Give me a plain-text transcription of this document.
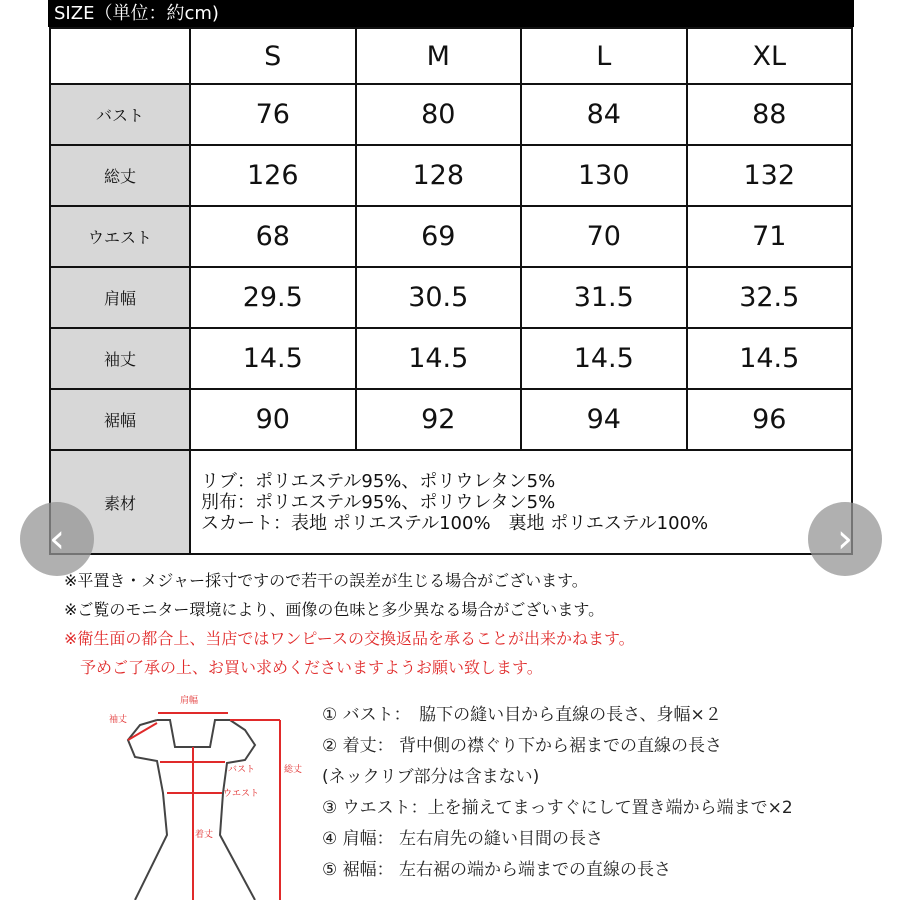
SIZE（単位：約cm)
	S	M	L	XL
バスト	76	80	84	88
総丈	126	128	130	132
ウエスト	68	69	70	71
肩幅	29.5	30.5	31.5	32.5
袖丈	14.5	14.5	14.5	14.5
裾幅	90	92	94	96
素材	リブ：ポリエステル95%、ポリウレタン5%
別布：ポリエステル95%、ポリウレタン5%
スカート：表地 ポリエステル100%　裏地 ポリエステル100%			
‹	›
※平置き・メジャー採寸ですので若干の誤差が生じる場合がございます。
※ご覧のモニター環境により、画像の色味と多少異なる場合がございます。
※衛生面の都合上、当店ではワンピースの交換返品を承ることが出来かねます。
　予めご了承の上、お買い求めくださいますようお願い致します。
肩幅
袖丈
バスト
ウエスト
着丈
総丈
① バスト：　脇下の縫い目から直線の長さ、身幅×２
② 着丈： 背中側の襟ぐり下から裾までの直線の長さ
(ネックリブ部分は含まない)
③ ウエスト：上を揃えてまっすぐにして置き端から端まで×2
④ 肩幅： 左右肩先の縫い目間の長さ
⑤ 裾幅： 左右裾の端から端までの直線の長さ
